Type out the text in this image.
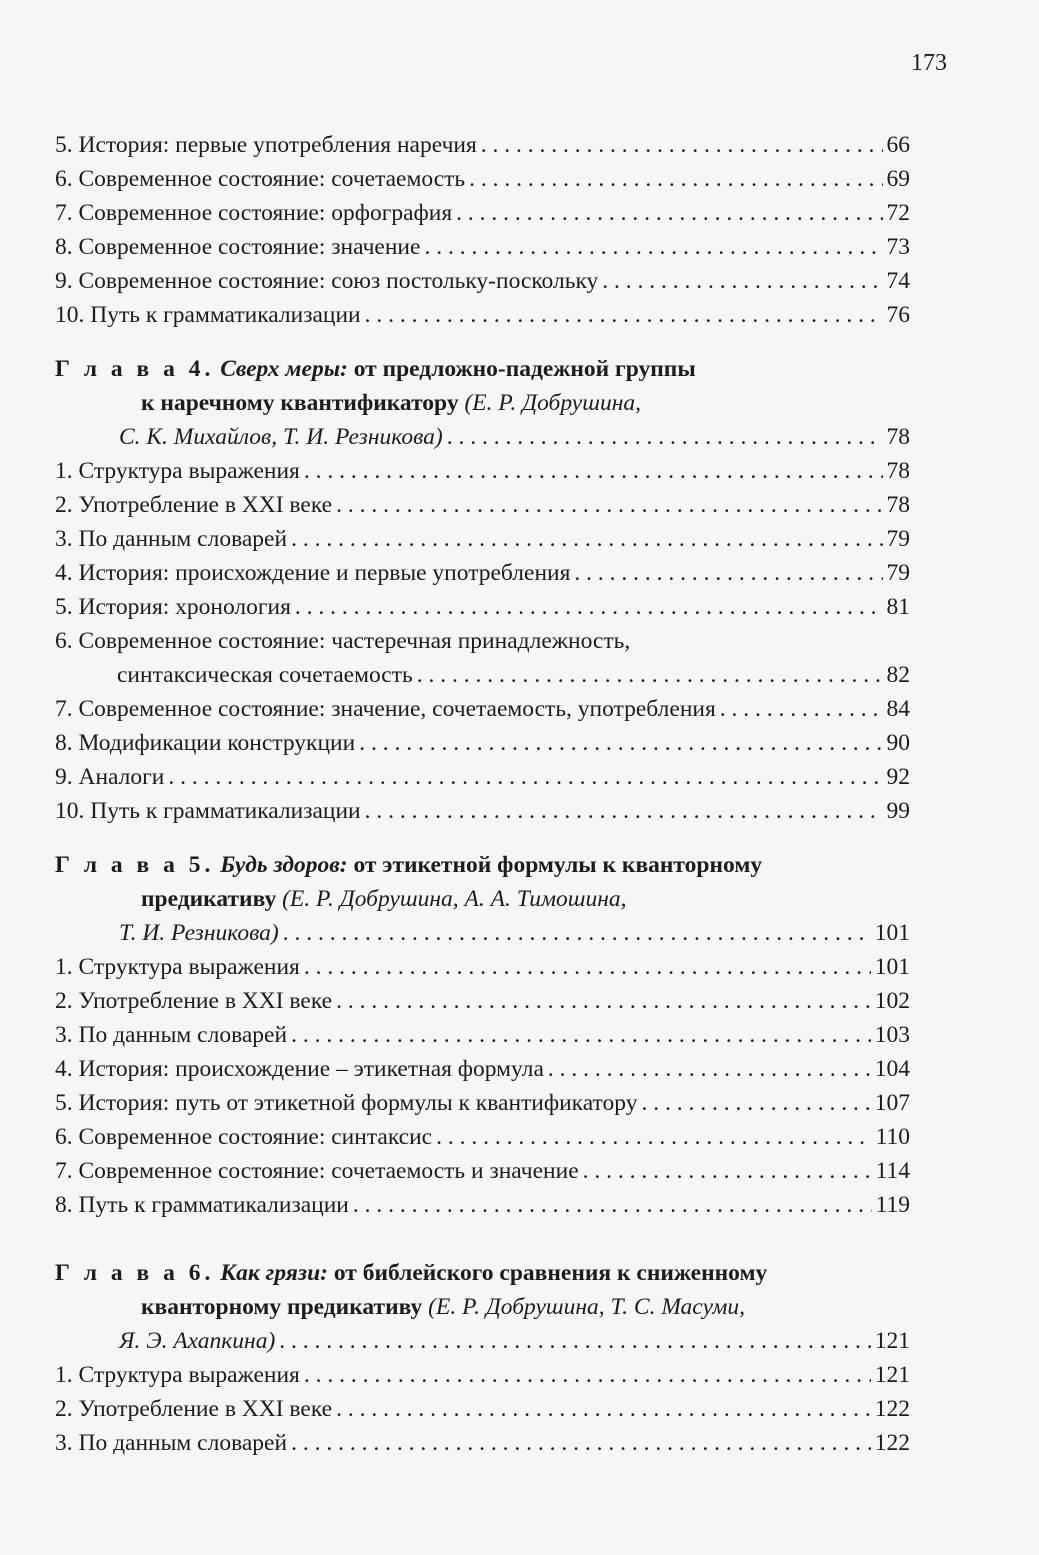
173
5. История: первые употребления наречия . . .	66
6. Современное состояние: сочетаемость . . .	69
7. Современное состояние: орфография . . .	72
8. Современное состояние: значение . . .	73
9. Современное состояние: союз постольку-поскольку . . .	74
10. Путь к грамматикализации . . .	76
Г л а в а 4. Сверх меры: от предложно-падежной группы
к наречному квантификатору (Е. Р. Добрушина,
С. К. Михайлов, Т. И. Резникова) . . .	78
1. Структура выражения . . .	78
2. Употребление в XXI веке . . .	78
3. По данным словарей . . .	79
4. История: происхождение и первые употребления . . .	79
5. История: хронология . . .	81
6. Современное состояние: частеречная принадлежность,
синтаксическая сочетаемость . . .	82
7. Современное состояние: значение, сочетаемость, употребления . . .	84
8. Модификации конструкции . . .	90
9. Аналоги . . .	92
10. Путь к грамматикализации . . .	99
Г л а в а 5. Будь здоров: от этикетной формулы к кванторному
предикативу (Е. Р. Добрушина, А. А. Тимошина,
Т. И. Резникова) . . .	101
1. Структура выражения . . .	101
2. Употребление в XXI веке . . .	102
3. По данным словарей . . .	103
4. История: происхождение – этикетная формула . . .	104
5. История: путь от этикетной формулы к квантификатору . . .	107
6. Современное состояние: синтаксис . . .	110
7. Современное состояние: сочетаемость и значение . . .	114
8. Путь к грамматикализации . . .	119
Г л а в а 6. Как грязи: от библейского сравнения к сниженному
кванторному предикативу (Е. Р. Добрушина, Т. С. Масуми,
Я. Э. Ахапкина) . . .	121
1. Структура выражения . . .	121
2. Употребление в XXI веке . . .	122
3. По данным словарей . . .	122
